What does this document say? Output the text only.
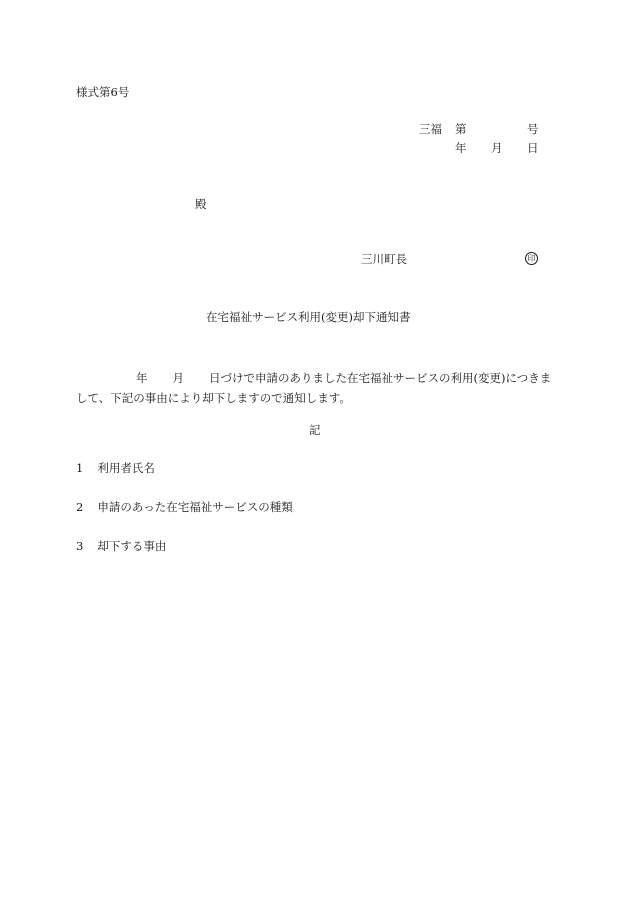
様式第6号
三福 第	号
年 月 日
殿
三川町長	印
在宅福祉サービス利用(変更)却下通知書
年 月 日づけで申請のありました在宅福祉サービスの利用(変更)につきまして、下記の事由により却下しますので通知します。
記
1 利用者氏名
2 申請のあった在宅福祉サービスの種類
3 却下する事由
